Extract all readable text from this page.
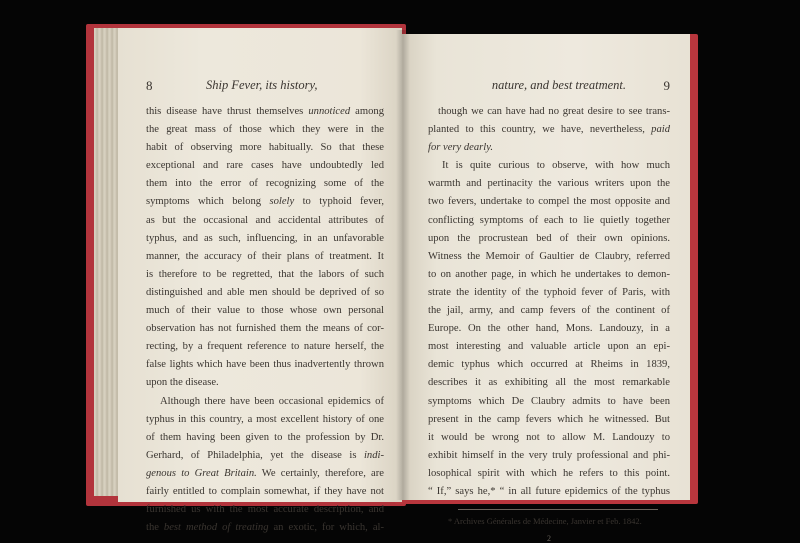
8	Ship Fever, its history,
this disease have thrust themselves unnoticed among
the great mass of those which they were in the
habit of observing more habitually. So that these
exceptional and rare cases have undoubtedly led
them into the error of recognizing some of the
symptoms which belong solely to typhoid fever,
as but the occasional and accidental attributes of
typhus, and as such, influencing, in an unfavorable
manner, the accuracy of their plans of treatment. It
is therefore to be regretted, that the labors of such
distinguished and able men should be deprived of so
much of their value to those whose own personal
observation has not furnished them the means of cor-
recting, by a frequent reference to nature herself, the
false lights which have been thus inadvertently thrown
upon the disease.
Although there have been occasional epidemics of
typhus in this country, a most excellent history of one
of them having been given to the profession by Dr.
Gerhard, of Philadelphia, yet the disease is indi-
genous to Great Britain. We certainly, therefore, are
fairly entitled to complain somewhat, if they have not
furnished us with the most accurate description, and
the best method of treating an exotic, for which, al-
nature, and best treatment.	9
though we can have had no great desire to see trans-
planted to this country, we have, nevertheless, paid
for very dearly.
It is quite curious to observe, with how much
warmth and pertinacity the various writers upon the
two fevers, undertake to compel the most opposite and
conflicting symptoms of each to lie quietly together
upon the procrustean bed of their own opinions.
Witness the Memoir of Gaultier de Claubry, referred
to on another page, in which he undertakes to demon-
strate the identity of the typhoid fever of Paris, with
the jail, army, and camp fevers of the continent of
Europe. On the other hand, Mons. Landouzy, in a
most interesting and valuable article upon an epi-
demic typhus which occurred at Rheims in 1839,
describes it as exhibiting all the most remarkable
symptoms which De Claubry admits to have been
present in the camp fevers which he witnessed. But
it would be wrong not to allow M. Landouzy to
exhibit himself in the very truly professional and phi-
losophical spirit with which he refers to this point.
“ If,” says he,* “ in all future epidemics of the typhus
* Archives Générales de Médecine, Janvier et Feb. 1842.
2
